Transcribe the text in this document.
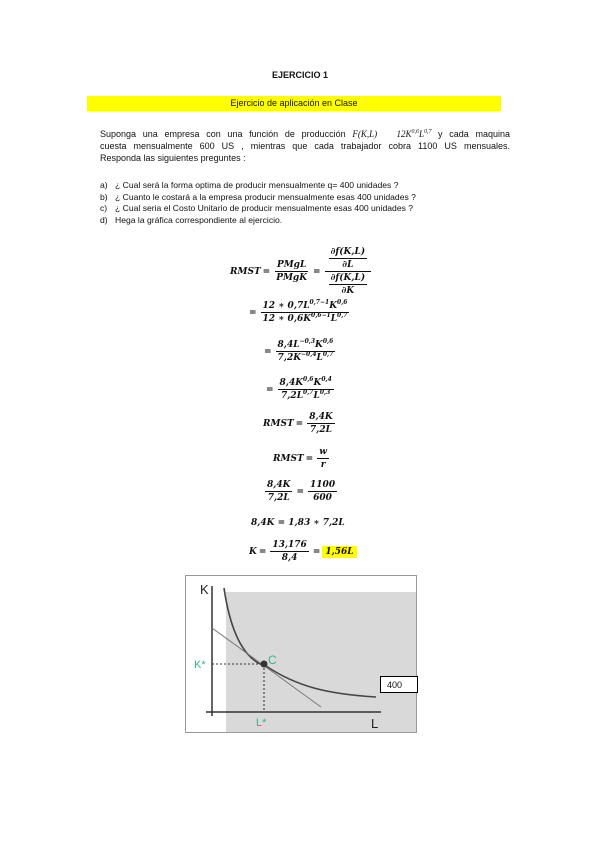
EJERCICIO 1
Ejercicio de aplicación en Clase

Suponga una empresa con una función de producción F(K,L) $12K^{0,6}L^{0,7}$ y cada maquina

cuesta mensualmente 600 US , mientras que cada trabajador cobra 1100 US mensuales.

Responda las siguientes preguntes :

a) ¿ Cual será la forma optima de producir mensualmente q= 400 unidades ?
b) ¿ Cuanto le costará a la empresa producir mensualmente esas 400 unidades ?
c) ¿ Cual seria el Costo Unitario de producir mensualmente esas 400 unidades ?
d) Hega la gráfica correspondiente al ejercicio.
RMST = $\frac{\text{PMgL}}{\text{PMgK}} = \frac{\frac{\partial f(K,L)}{\partial L}}{\frac{\partial f(K,L)}{\partial K}}$
= $\frac{12 ∗ 0,7L^{0,7-1}K^{0,6}}{12 ∗ 0,6K^{0,6-1}L^{0,7}}$
= $\frac{8,4L^{-0,3}K^{0,6}}{7,2K^{-0,4}L^{0,7}}$
= $\frac{8,4K^{0,6}K^{0,4}}{7,2L^{0,7}L^{0,3}}$
RMST = $\frac{8,4K}{7,2L}$
RMST = $\frac{w}{r}$
$\frac{8,4K}{7,2L} = \frac{1100}{600}$
8,4K = 1,83 ∗ 7,2L
$K = \frac{13,176}{8,4} = 1,56L$
K
L
C
K*
L*
400
